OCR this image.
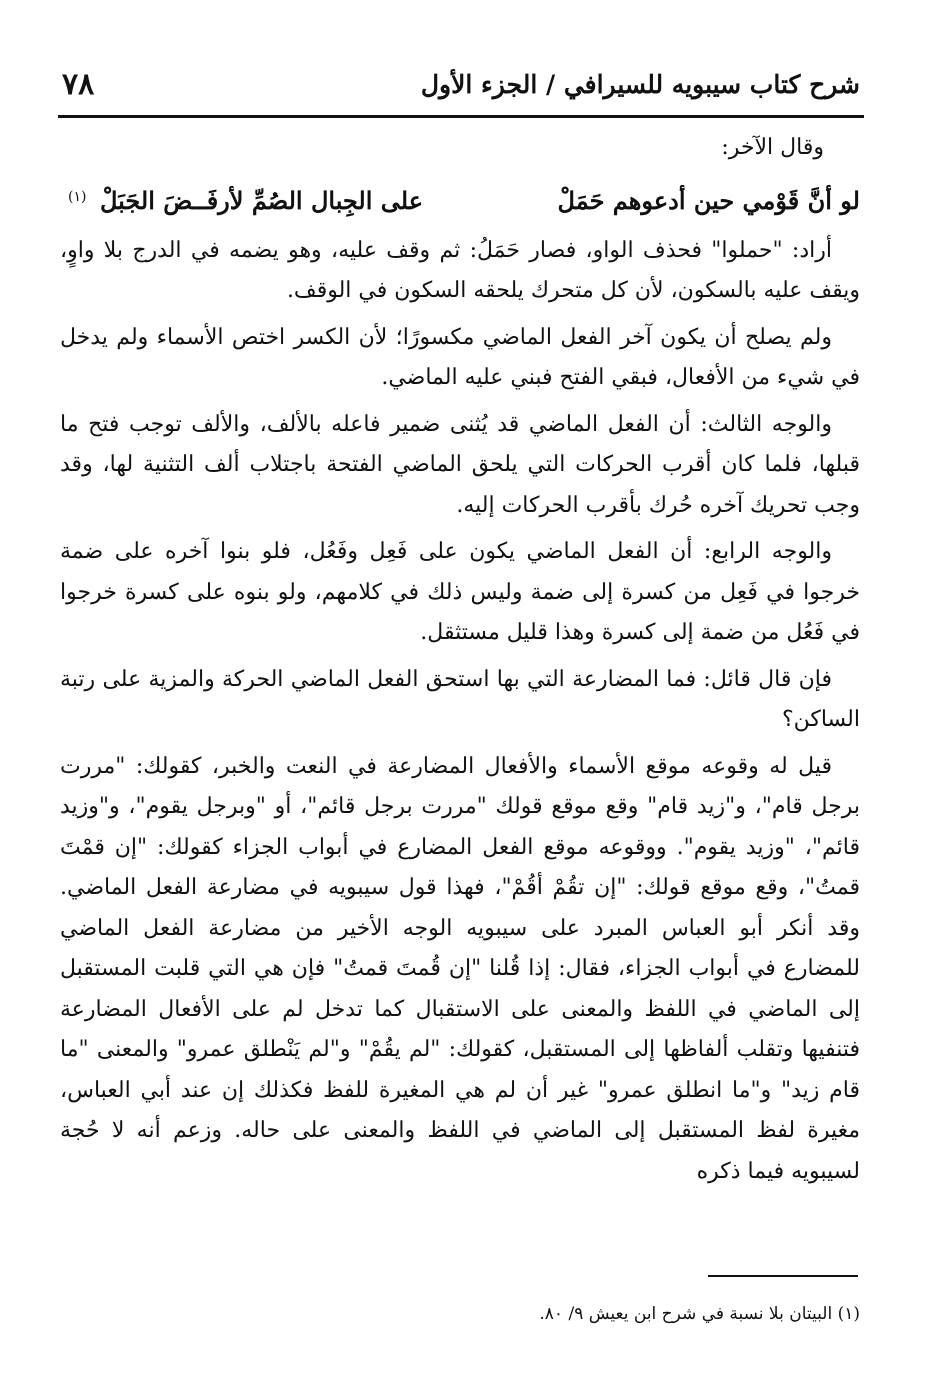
٧٨	شرح كتاب سيبويه للسيرافي / الجزء الأول

وقال الآخر:

لو أنَّ قَوْمي حين أدعوهم حَمَلْ
على الجِبال الصُمِّ لأرفَــضَ الجَبَلْ
(١)

أراد: "حملوا" فحذف الواو، فصار حَمَلُ: ثم وقف عليه، وهو يضمه في الدرج بلا واوٍ، ويقف عليه بالسكون، لأن كل متحرك يلحقه السكون في الوقف.

ولم يصلح أن يكون آخر الفعل الماضي مكسورًا؛ لأن الكسر اختص الأسماء ولم يدخل في شيء من الأفعال، فبقي الفتح فبني عليه الماضي.

والوجه الثالث: أن الفعل الماضي قد يُثنى ضمير فاعله بالألف، والألف توجب فتح ما قبلها، فلما كان أقرب الحركات التي يلحق الماضي الفتحة باجتلاب ألف التثنية لها، وقد وجب تحريك آخره حُرك بأقرب الحركات إليه.

والوجه الرابع: أن الفعل الماضي يكون على فَعِل وفَعُل، فلو بنوا آخره على ضمة خرجوا في فَعِل من كسرة إلى ضمة وليس ذلك في كلامهم، ولو بنوه على كسرة خرجوا في فَعُل من ضمة إلى كسرة وهذا قليل مستثقل.

فإن قال قائل: فما المضارعة التي بها استحق الفعل الماضي الحركة والمزية على رتبة الساكن؟

قيل له وقوعه موقع الأسماء والأفعال المضارعة في النعت والخبر، كقولك: "مررت برجل قام"، و"زيد قام" وقع موقع قولك "مررت برجل قائم"، أو "وبرجل يقوم"، و"وزيد قائم"، "وزيد يقوم". ووقوعه موقع الفعل المضارع في أبواب الجزاء كقولك: "إن قمْتَ قمتُ"، وقع موقع قولك: "إن تقُمْ أقُمْ"، فهذا قول سيبويه في مضارعة الفعل الماضي. وقد أنكر أبو العباس المبرد على سيبويه الوجه الأخير من مضارعة الفعل الماضي للمضارع في أبواب الجزاء، فقال: إذا قُلنا "إن قُمتَ قمتُ" فإن هي التي قلبت المستقبل إلى الماضي في اللفظ والمعنى على الاستقبال كما تدخل لم على الأفعال المضارعة فتنفيها وتقلب ألفاظها إلى المستقبل، كقولك: "لم يقُمْ" و"لم يَنْطلق عمرو" والمعنى "ما قام زيد" و"ما انطلق عمرو" غير أن لم هي المغيرة للفظ فكذلك إن عند أبي العباس، مغيرة لفظ المستقبل إلى الماضي في اللفظ والمعنى على حاله. وزعم أنه لا حُجة لسيبويه فيما ذكره

(١) البيتان بلا نسبة في شرح ابن يعيش ٩/ ٨٠.
